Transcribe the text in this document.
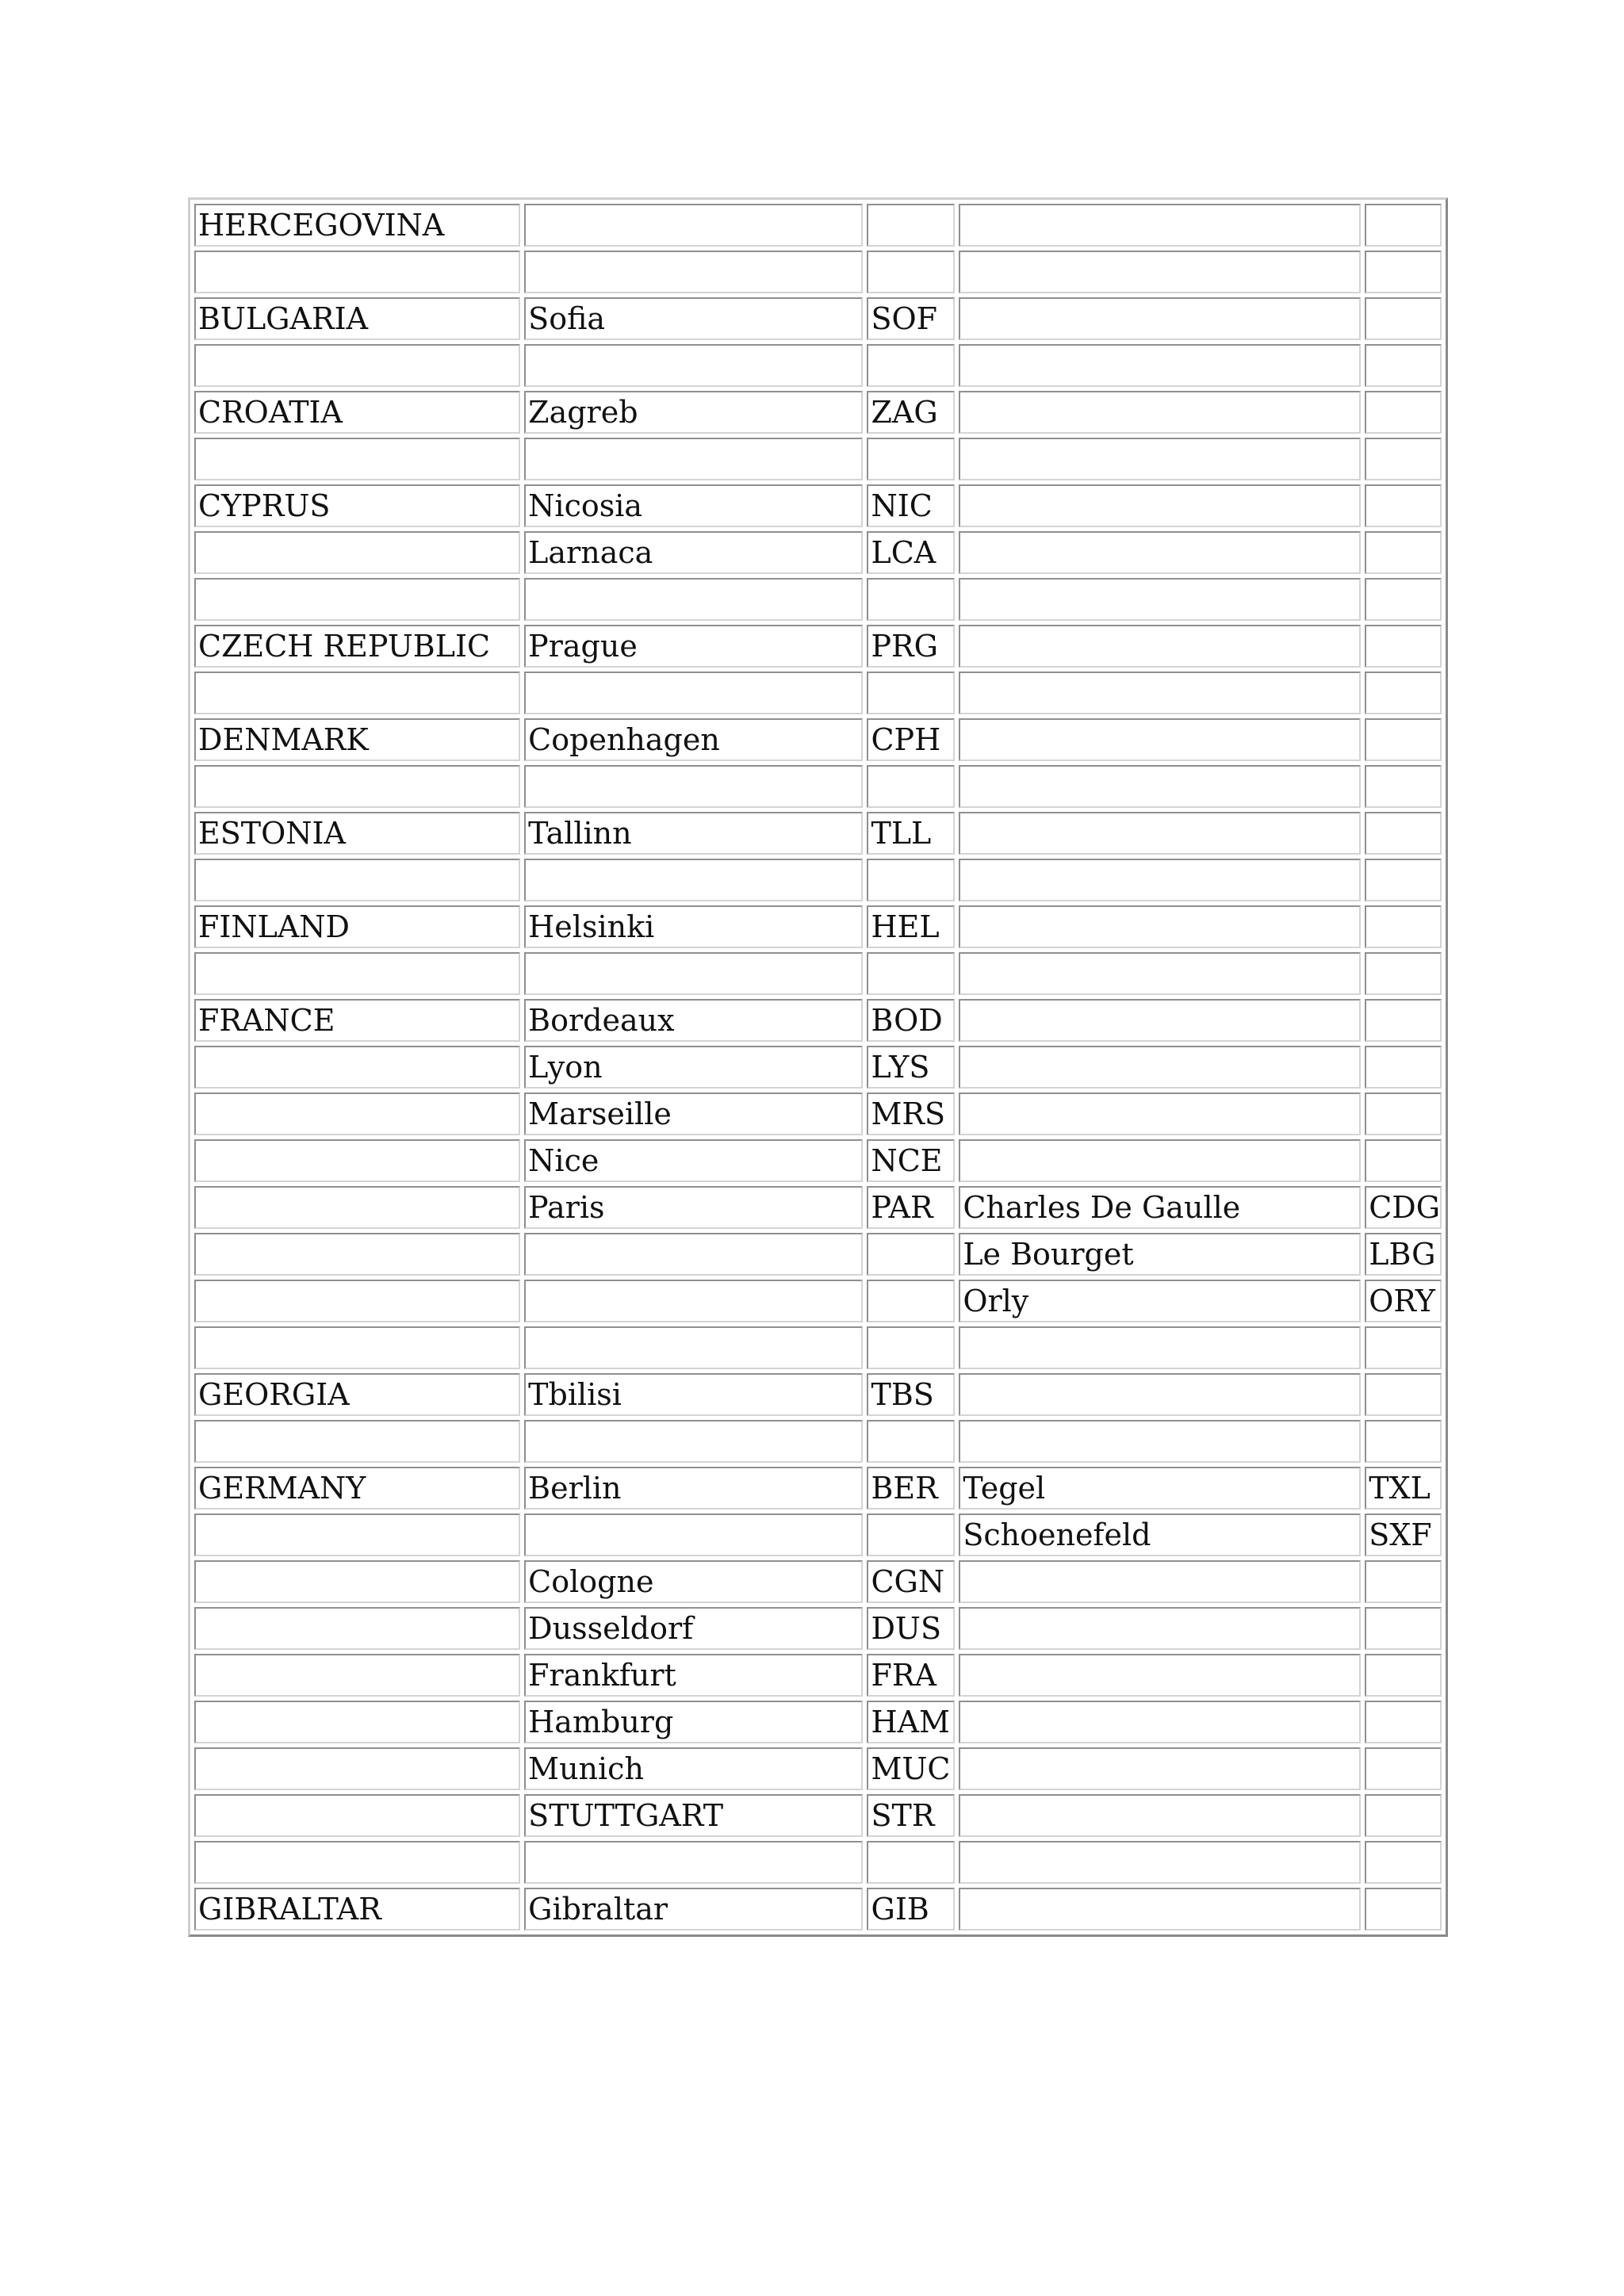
HERCEGOVINA				

BULGARIA	Sofia	SOF		

CROATIA	Zagreb	ZAG		

CYPRUS	Nicosia	NIC		
	Larnaca	LCA		

CZECH REPUBLIC	Prague	PRG		

DENMARK	Copenhagen	CPH		

ESTONIA	Tallinn	TLL		

FINLAND	Helsinki	HEL		

FRANCE	Bordeaux	BOD		
	Lyon	LYS		
	Marseille	MRS		
	Nice	NCE		
	Paris	PAR	Charles De Gaulle	CDG
			Le Bourget	LBG
			Orly	ORY

GEORGIA	Tbilisi	TBS		

GERMANY	Berlin	BER	Tegel	TXL
			Schoenefeld	SXF
	Cologne	CGN		
	Dusseldorf	DUS		
	Frankfurt	FRA		
	Hamburg	HAM		
	Munich	MUC		
	STUTTGART	STR		

GIBRALTAR	Gibraltar	GIB		
